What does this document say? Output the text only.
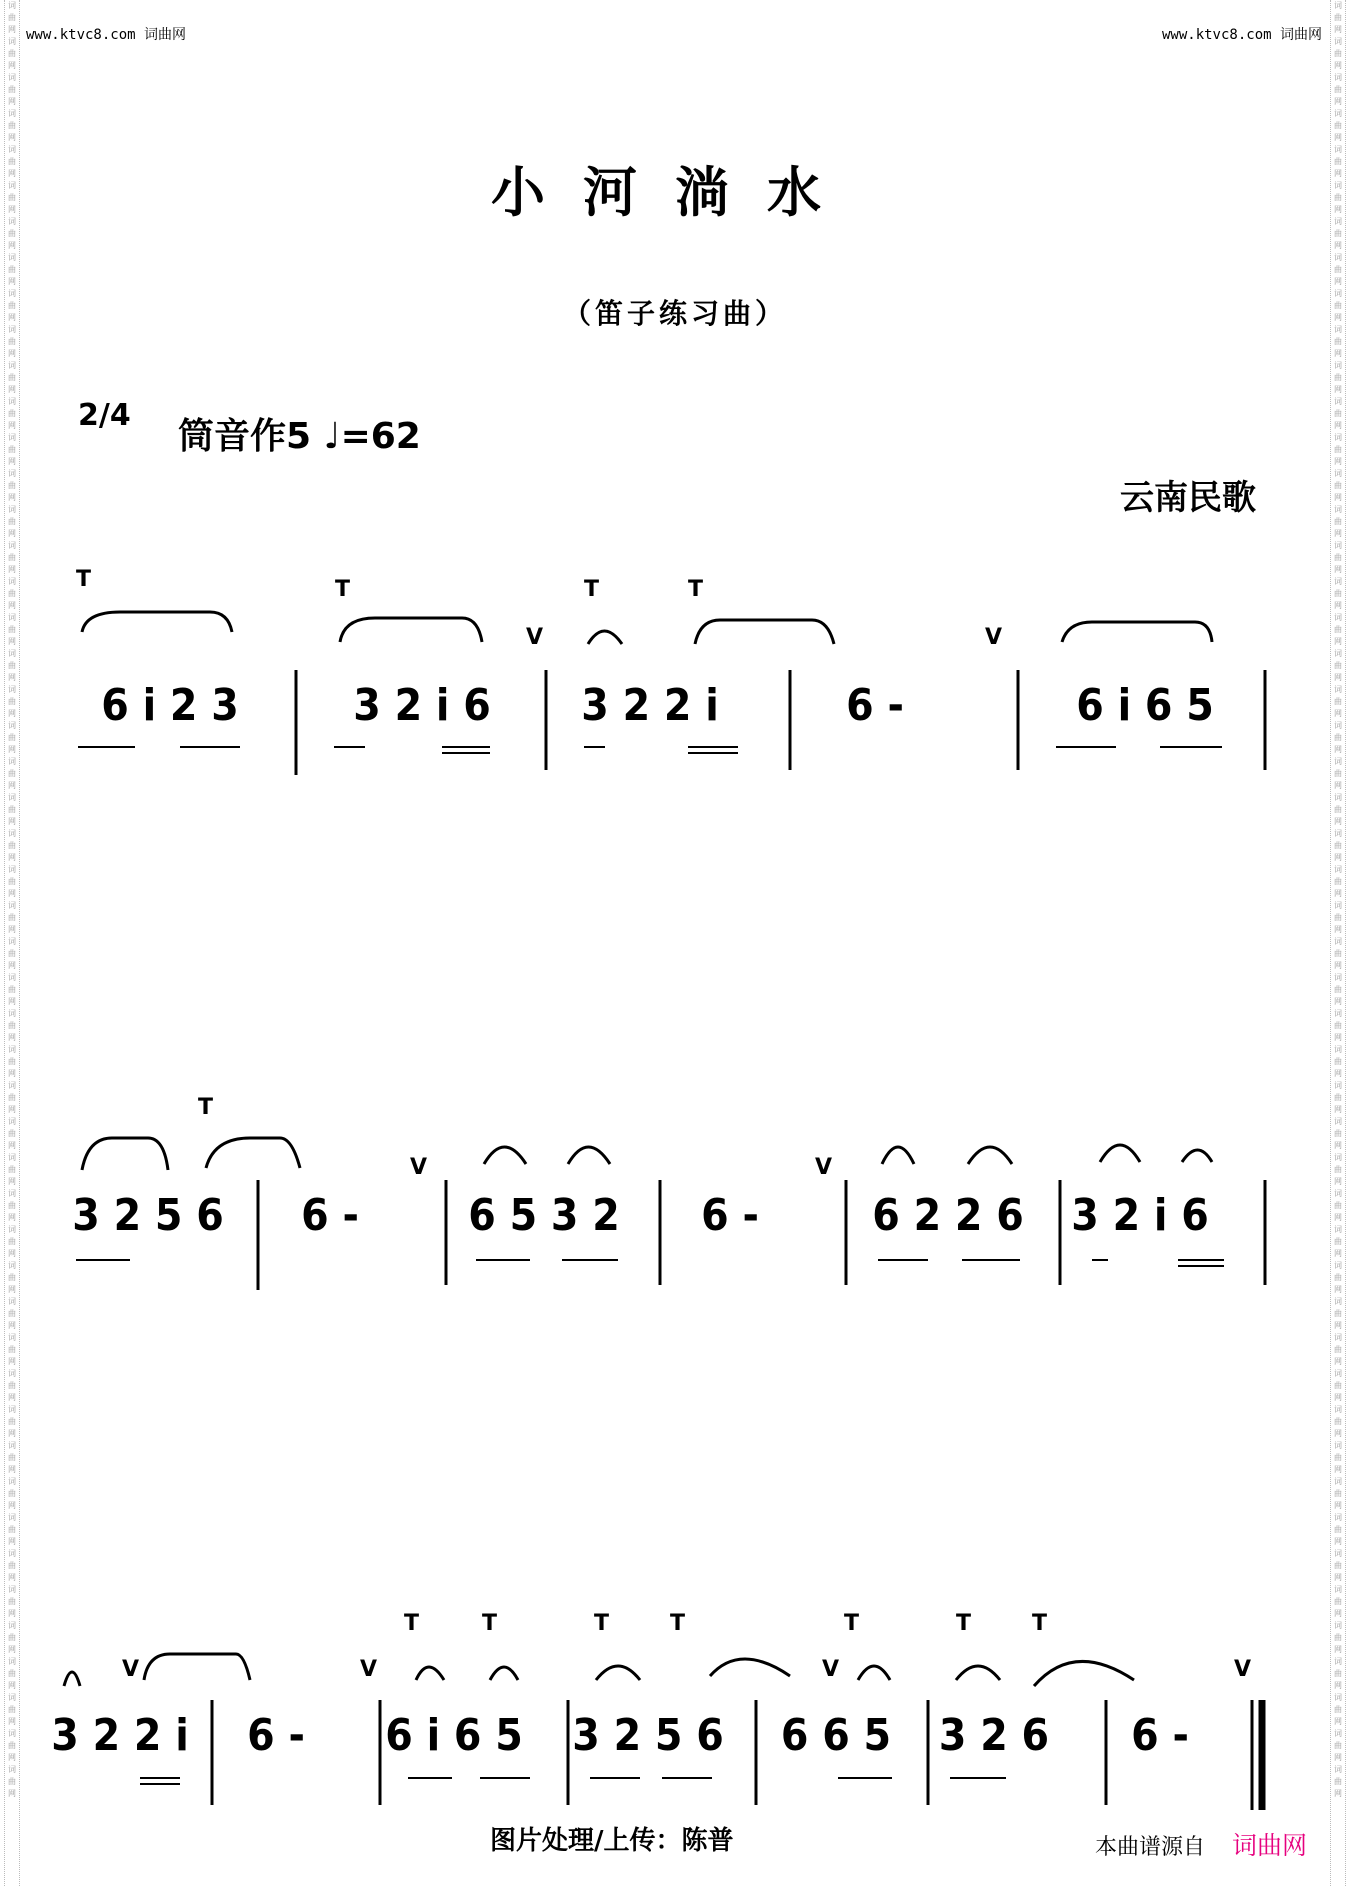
词曲网词曲网词曲网词曲网词曲网词曲网词曲网词曲网词曲网词曲网词曲网词曲网词曲网词曲网词曲网词曲网词曲网词曲网词曲网词曲网词曲网词曲网词曲网词曲网词曲网词曲网词曲网词曲网词曲网词曲网词曲网词曲网词曲网词曲网词曲网词曲网词曲网词曲网词曲网词曲网词曲网词曲网词曲网词曲网词曲网词曲网词曲网词曲网词曲网词曲网
词曲网词曲网词曲网词曲网词曲网词曲网词曲网词曲网词曲网词曲网词曲网词曲网词曲网词曲网词曲网词曲网词曲网词曲网词曲网词曲网词曲网词曲网词曲网词曲网词曲网词曲网词曲网词曲网词曲网词曲网词曲网词曲网词曲网词曲网词曲网词曲网词曲网词曲网词曲网词曲网词曲网词曲网词曲网词曲网词曲网词曲网词曲网词曲网词曲网词曲网
www.ktvc8.com 词曲网	www.ktvc8.com 词曲网
小河淌水
（笛子练习曲）
2/4
筒音作5 ♩=62
云南民歌
T	T	T	T
V	V
6 i 2 3	3 2 i 6 3 2 2 i	6 -	6 i 6 5
T
V	V
3 2 5 6 6 - 6 5 3 2 6 -	6 2 2 6 3 2 i 6
T	T	T	T	T	T	T
V	V	V	V
3 2 2 i 6 - 6 i 6 5 3 2 5 6 6 6 5 3 2 6 6 -
图片处理/上传：陈普	本曲谱源自 词曲网
